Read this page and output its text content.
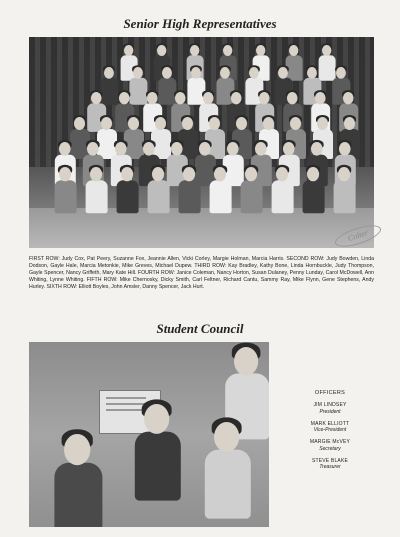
Senior High Representatives
FIRST ROW: Judy Cox, Pat Peery, Suzanne Fox, Jeannie Allen, Vicki Corley, Margie Holman, Marcia Harris. SECOND ROW: Judy Bowden, Linda Dodson, Gayle Hale, Marcia Metonkie, Mike Greves, Michael Dupew. THIRD ROW: Kay Bradley, Kathy Bone, Linda Hornbuckle, Judy Thompson, Gayle Spencer, Nancy Griffeth, Mary Kate Hill. FOURTH ROW: Janice Coleman, Nancy Horton, Susan Dulaney, Penny Lunday, Carol McDowell, Ann Whiting, Lynne Whiting. FIFTH ROW: Mike Chernosky, Dicky Smith, Carl Feltner, Richard Cantu, Sammy Ray, Mike Flynn, Gene Stephens, Andy Hurley. SIXTH ROW: Elliott Boyles, John Amsler, Danny Spencer, Jack Hurt.
Colter
Student Council
OFFICERS
JIM LINDSEY
President
MARK ELLIOTT
Vice-President
MARGIE McVEY
Secretary
STEVE BLAKE
Treasurer
